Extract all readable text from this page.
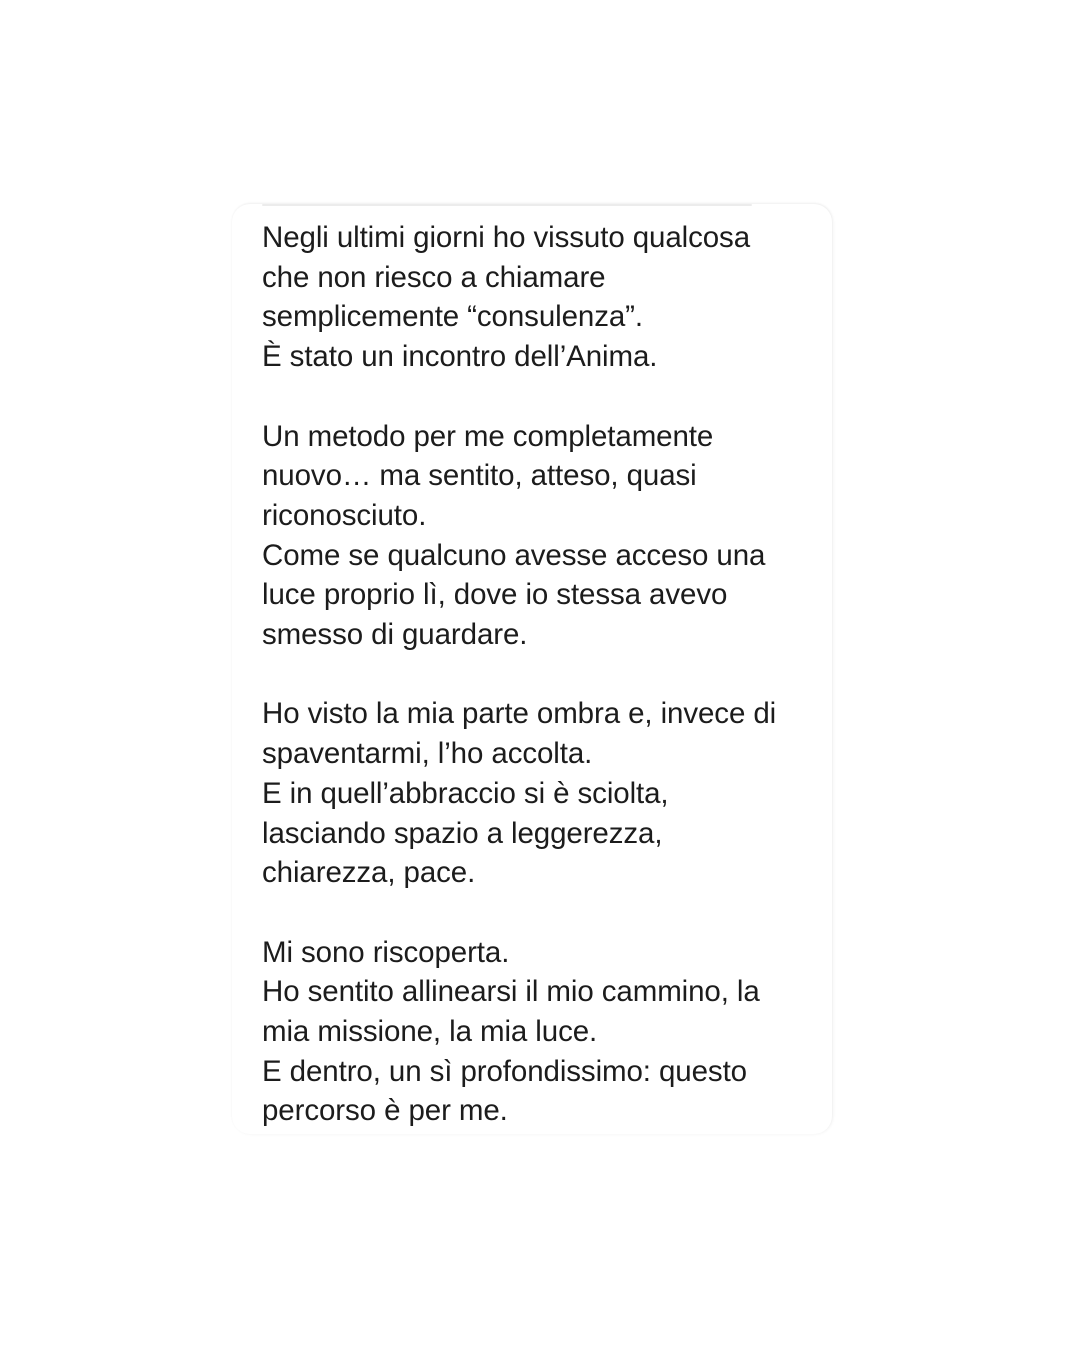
Negli ultimi giorni ho vissuto qualcosa
che non riesco a chiamare
semplicemente “consulenza”.
È stato un incontro dell’Anima.
Un metodo per me completamente
nuovo… ma sentito, atteso, quasi
riconosciuto.
Come se qualcuno avesse acceso una
luce proprio lì, dove io stessa avevo
smesso di guardare.
Ho visto la mia parte ombra e, invece di
spaventarmi, l’ho accolta.
E in quell’abbraccio si è sciolta,
lasciando spazio a leggerezza,
chiarezza, pace.
Mi sono riscoperta.
Ho sentito allinearsi il mio cammino, la
mia missione, la mia luce.
E dentro, un sì profondissimo: questo
percorso è per me.
